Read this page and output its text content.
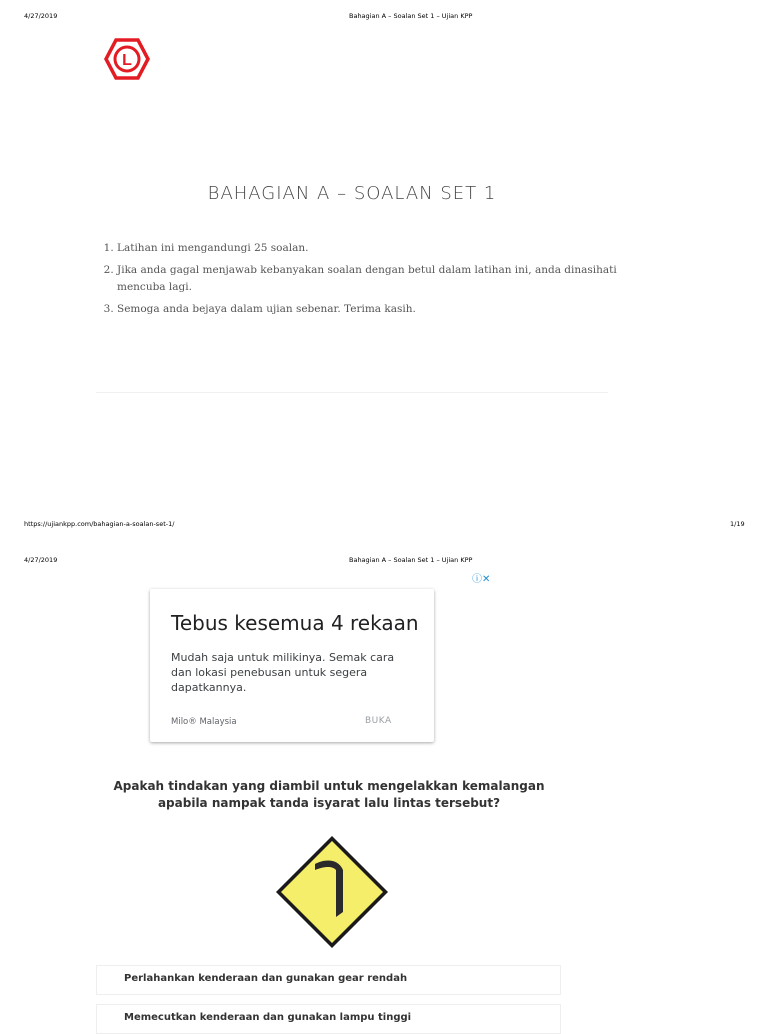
4/27/2019	Bahagian A – Soalan Set 1 – Ujian KPP
L
BAHAGIAN A – SOALAN SET 1
1. Latihan ini mengandungi 25 soalan.
2. Jika anda gagal menjawab kebanyakan soalan dengan betul dalam latihan ini, anda dinasihati mencuba lagi.
3. Semoga anda bejaya dalam ujian sebenar. Terima kasih.
https://ujiankpp.com/bahagian-a-soalan-set-1/	1/19
4/27/2019	Bahagian A – Soalan Set 1 – Ujian KPP
ⓘ✕
Tebus kesemua 4 rekaan
Mudah saja untuk milikinya. Semak cara dan lokasi penebusan untuk segera dapatkannya.
Milo® Malaysia	BUKA
Apakah tindakan yang diambil untuk mengelakkan kemalangan apabila nampak tanda isyarat lalu lintas tersebut?
Perlahankan kenderaan dan gunakan gear rendah
Memecutkan kenderaan dan gunakan lampu tinggi
